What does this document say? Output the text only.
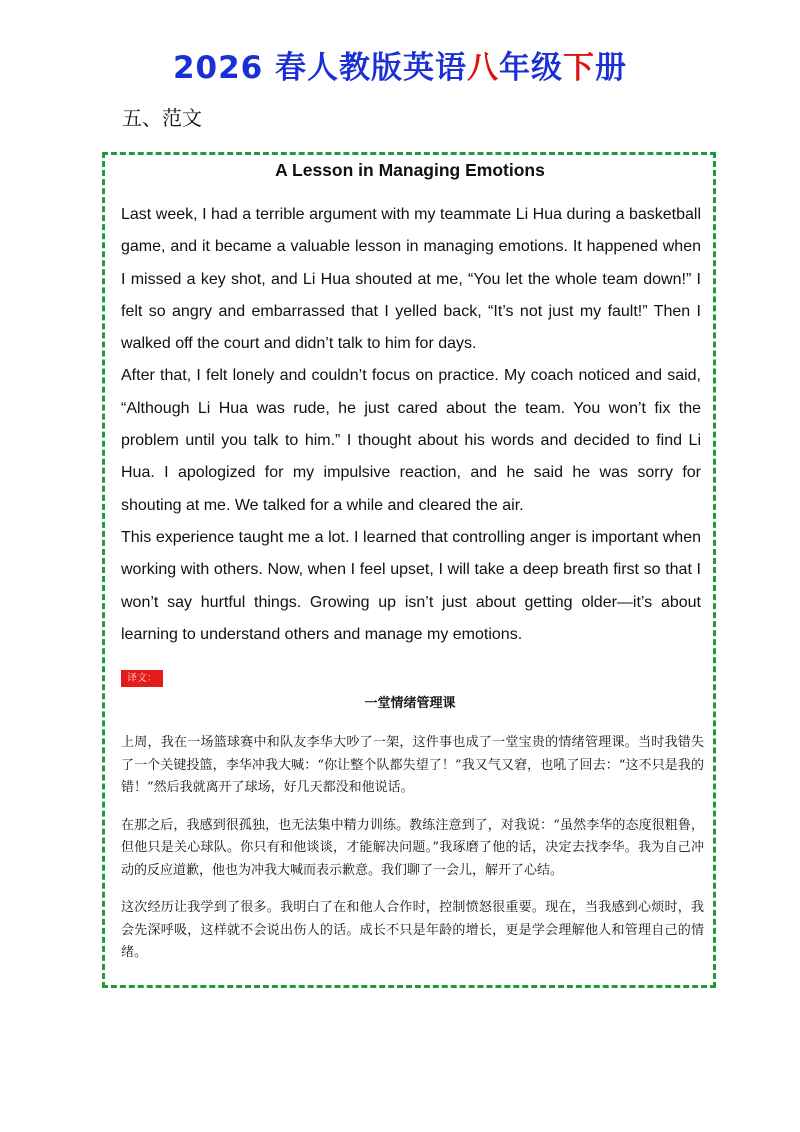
2026 春人教版英语八年级下册
五、范文
A Lesson in Managing Emotions

Last week, I had a terrible argument with my teammate Li Hua during a basketball game, and it became a valuable lesson in managing emotions. It happened when I missed a key shot, and Li Hua shouted at me, “You let the whole team down!” I felt so angry and embarrassed that I yelled back, “It’s not just my fault!” Then I walked off the court and didn’t talk to him for days.

After that, I felt lonely and couldn’t focus on practice. My coach noticed and said, “Although Li Hua was rude, he just cared about the team. You won’t fix the problem until you talk to him.” I thought about his words and decided to find Li Hua. I apologized for my impulsive reaction, and he said he was sorry for shouting at me. We talked for a while and cleared the air.

This experience taught me a lot. I learned that controlling anger is important when working with others. Now, when I feel upset, I will take a deep breath first so that I won’t say hurtful things. Growing up isn’t just about getting older—it’s about learning to understand others and manage my emotions.

译文：
一堂情绪管理课

上周，我在一场篮球赛中和队友李华大吵了一架，这件事也成了一堂宝贵的情绪管理课。当时我错失了一个关键投篮，李华冲我大喊：“你让整个队都失望了！”我又气又窘，也吼了回去：“这不只是我的错！”然后我就离开了球场，好几天都没和他说话。

在那之后，我感到很孤独，也无法集中精力训练。教练注意到了，对我说：“虽然李华的态度很粗鲁，但他只是关心球队。你只有和他谈谈，才能解决问题。”我琢磨了他的话，决定去找李华。我为自己冲动的反应道歉，他也为冲我大喊而表示歉意。我们聊了一会儿，解开了心结。

这次经历让我学到了很多。我明白了在和他人合作时，控制愤怒很重要。现在，当我感到心烦时，我会先深呼吸，这样就不会说出伤人的话。成长不只是年龄的增长，更是学会理解他人和管理自己的情绪。
